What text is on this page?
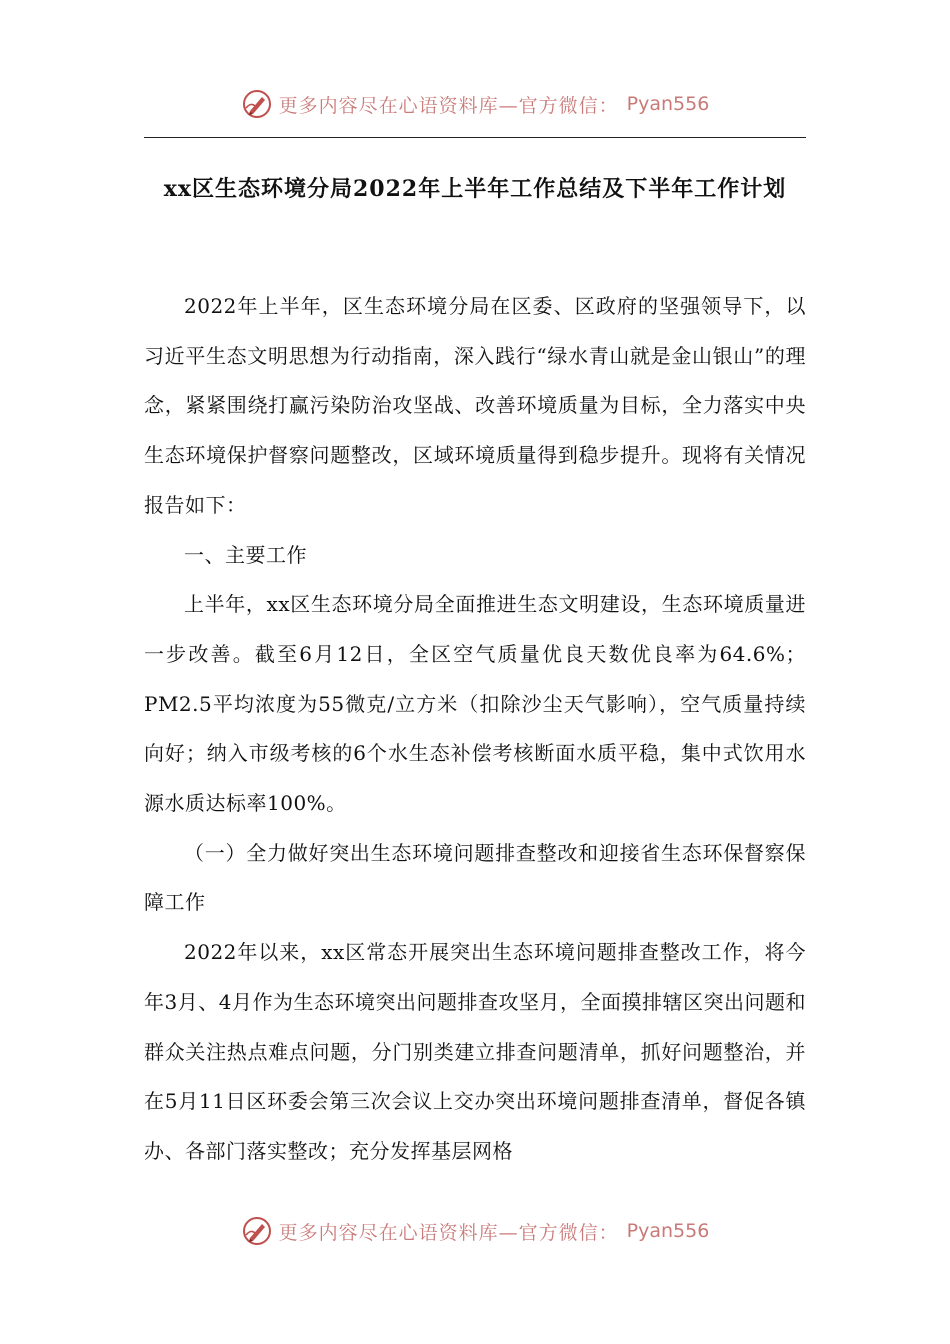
更多内容尽在心语资料库—官方微信： Pyan556
xx区生态环境分局2022年上半年工作总结及下半年工作计划

2022年上半年，区生态环境分局在区委、区政府的坚强领导下，以习近平生态文明思想为行动指南，深入践行“绿水青山就是金山银山”的理念，紧紧围绕打赢污染防治攻坚战、改善环境质量为目标，全力落实中央生态环境保护督察问题整改，区域环境质量得到稳步提升。现将有关情况报告如下：

一、主要工作

上半年，xx区生态环境分局全面推进生态文明建设，生态环境质量进一步改善。截至6月12日，全区空气质量优良天数优良率为64.6%；PM2.5平均浓度为55微克/立方米（扣除沙尘天气影响），空气质量持续向好；纳入市级考核的6个水生态补偿考核断面水质平稳，集中式饮用水源水质达标率100%。

（一）全力做好突出生态环境问题排查整改和迎接省生态环保督察保障工作

2022年以来，xx区常态开展突出生态环境问题排查整改工作，将今年3月、4月作为生态环境突出问题排查攻坚月，全面摸排辖区突出问题和群众关注热点难点问题，分门别类建立排查问题清单，抓好问题整治，并在5月11日区环委会第三次会议上交办突出环境问题排查清单，督促各镇办、各部门落实整改；充分发挥基层网格

更多内容尽在心语资料库—官方微信： Pyan556
